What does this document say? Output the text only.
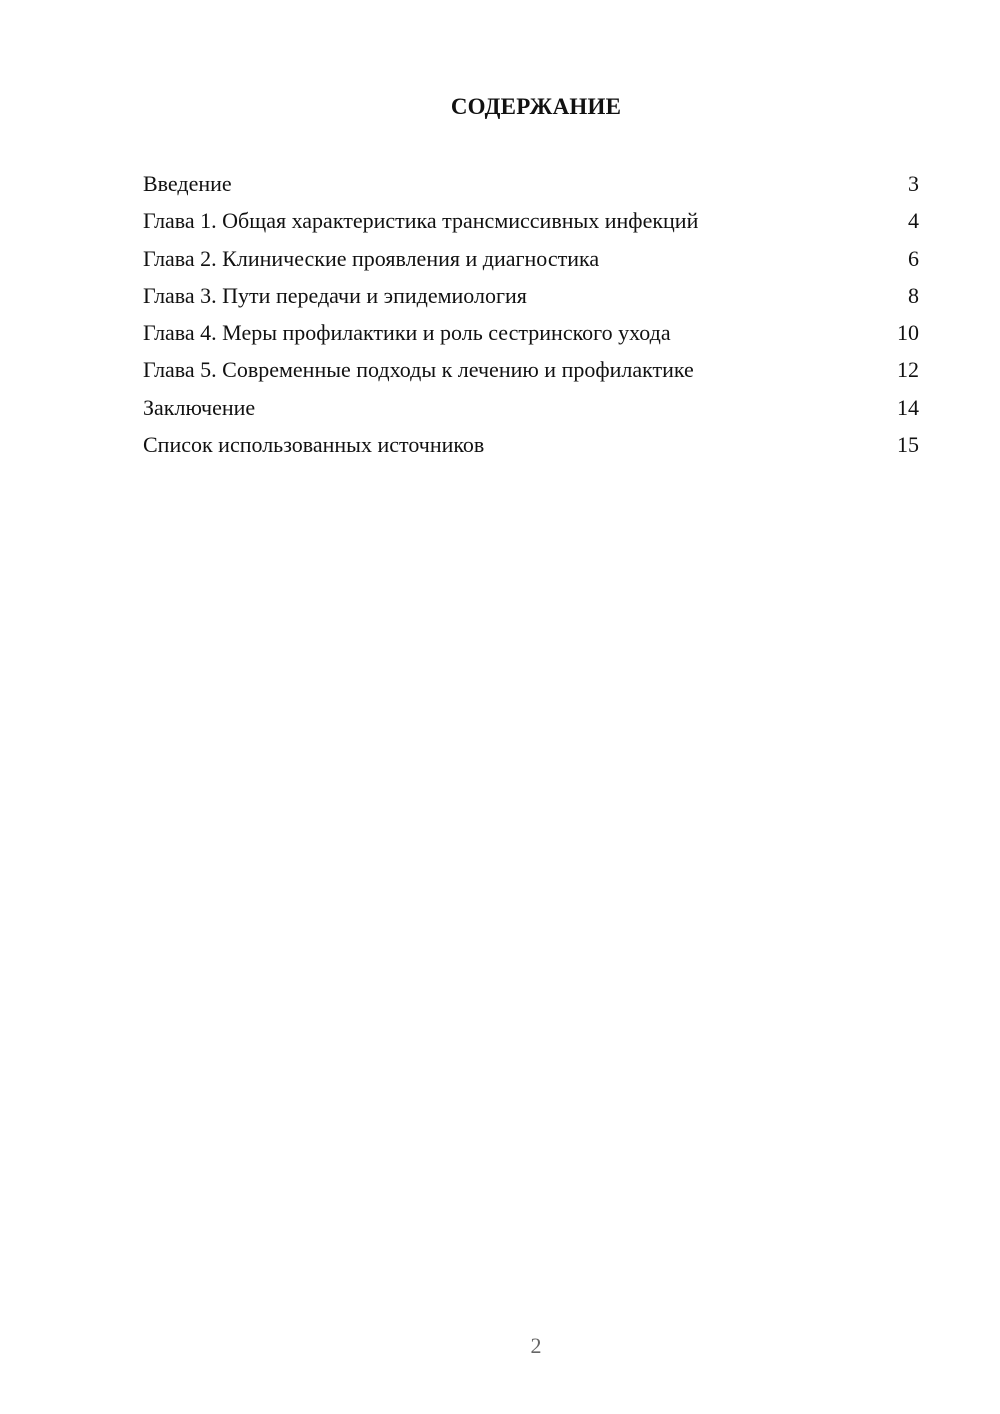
СОДЕРЖАНИЕ
Введение	3
Глава 1. Общая характеристика трансмиссивных инфекций	4
Глава 2. Клинические проявления и диагностика	6
Глава 3. Пути передачи и эпидемиология	8
Глава 4. Меры профилактики и роль сестринского ухода	10
Глава 5. Современные подходы к лечению и профилактике	12
Заключение	14
Список использованных источников	15
2
